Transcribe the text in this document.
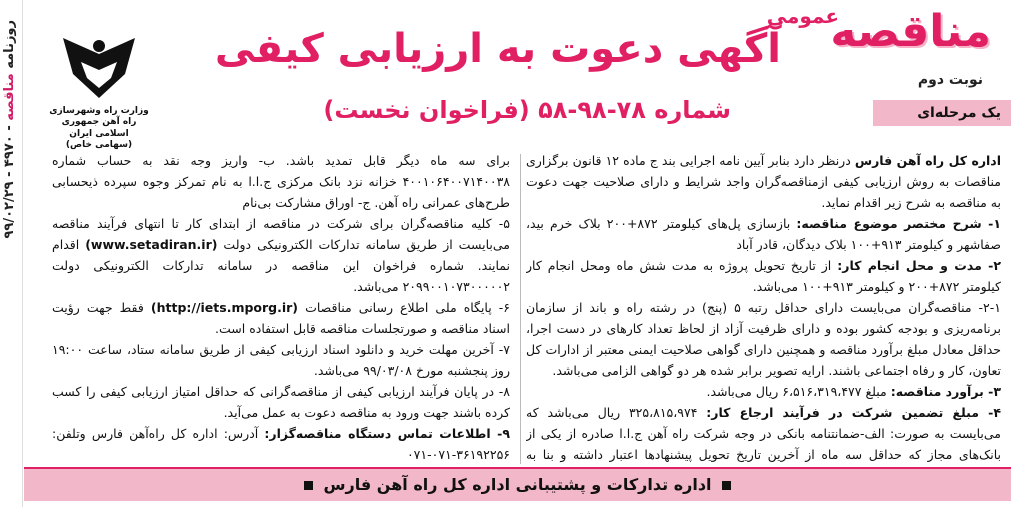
روزنامه مناقصه - ۴۹۷۰ - ۹۹/۰۲/۲۹
مناقصه
عمومی
نوبت دوم
یک مرحله‌ای
آگهی دعوت به ارزیابی کیفی
شماره ۷۸-۹۸-۵۸ (فراخوان نخست)
وزارت راه وشهرسازی
راه آهن جمهوری اسلامی ایران
(سهامی خاص)

اداره کل راه آهن فارس درنظر دارد بنابر آیین نامه اجرایی بند ج ماده ۱۲ قانون برگزاری مناقصات به روش ارزیابی کیفی ازمناقصه‌گران واجد شرایط و دارای صلاحیت جهت دعوت به مناقصه به شرح زیر اقدام نماید.

۱- شرح مختصر موضوع مناقصه: بازسازی پل‌های کیلومتر ۸۷۲+۲۰۰ بلاک خرم بید، صفاشهر و کیلومتر ۹۱۳+۱۰۰ بلاک دیدگان، قادر آباد

۲- مدت و محل انجام کار: از تاریخ تحویل پروژه به مدت شش ماه ومحل انجام کار کیلومتر ۸۷۲+۲۰۰ و کیلومتر ۹۱۳+۱۰۰ می‌باشد.

۲-۱- مناقصه‌گران می‌بایست دارای حداقل رتبه ۵ (پنج) در رشته راه و باند از سازمان برنامه‌ریزی و بودجه کشور بوده و دارای ظرفیت آزاد از لحاظ تعداد کارهای در دست اجرا، حداقل معادل مبلغ برآورد مناقصه و همچنین دارای گواهی صلاحیت ایمنی معتبر از ادارات کل تعاون، کار و رفاه اجتماعی باشند. ارایه تصویر برابر شده هر دو گواهی الزامی می‌باشد.

۳- برآورد مناقصه: مبلغ ۶،۵۱۶،۳۱۹،۴۷۷ ریال می‌باشد.

۴- مبلغ تضمین شرکت در فرآیند ارجاع کار: ۳۲۵،۸۱۵،۹۷۴ ریال می‌باشد که می‌بایست به صورت: الف-ضمانتنامه بانکی در وجه شرکت راه آهن ج.ا.ا صادره از یکی از بانک‌های مجاز که حداقل سه ماه از آخرین تاریخ تحویل پیشنهادها اعتبار داشته و بنا به

برای سه ماه دیگر قابل تمدید باشد. ب- واریز وجه نقد به حساب شماره ۴۰۰۱۰۶۴۰۰۷۱۴۰۰۳۸ خزانه نزد بانک مرکزی ج.ا.ا به نام تمرکز وجوه سپرده ذیحسابی طرح‌های عمرانی راه آهن. ج- اوراق مشارکت بی‌نام

۵- کلیه مناقصه‌گران برای شرکت در مناقصه از ابتدای کار تا انتهای فرآیند مناقصه می‌بایست از طریق سامانه تدارکات الکترونیکی دولت (www.setadiran.ir) اقدام نمایند. شماره فراخوان این مناقصه در سامانه تدارکات الکترونیکی دولت ۲۰۹۹۰۰۱۰۷۳۰۰۰۰۰۲ می‌باشد.

۶- پایگاه ملی اطلاع رسانی مناقصات (http://iets.mporg.ir) فقط جهت رؤیت اسناد مناقصه و صورتجلسات مناقصه قابل استفاده است.

۷- آخرین مهلت خرید و دانلود اسناد ارزیابی کیفی از طریق سامانه ستاد، ساعت ۱۹:۰۰ روز پنجشنبه مورخ ۹۹/۰۳/۰۸ می‌باشد.

۸- در پایان فرآیند ارزیابی کیفی از مناقصه‌گرانی که حداقل امتیاز ارزیابی کیفی را کسب کرده باشند جهت ورود به مناقصه دعوت به عمل می‌آید.

۹- اطلاعات تماس دستگاه مناقصه‌گزار: آدرس: اداره کل راه‌آهن فارس وتلفن: ۳۶۱۹۲۲۵۶-۰۷۱-۰۷۱

اداره تدارکات و پشتیبانی اداره کل راه آهن فارس
